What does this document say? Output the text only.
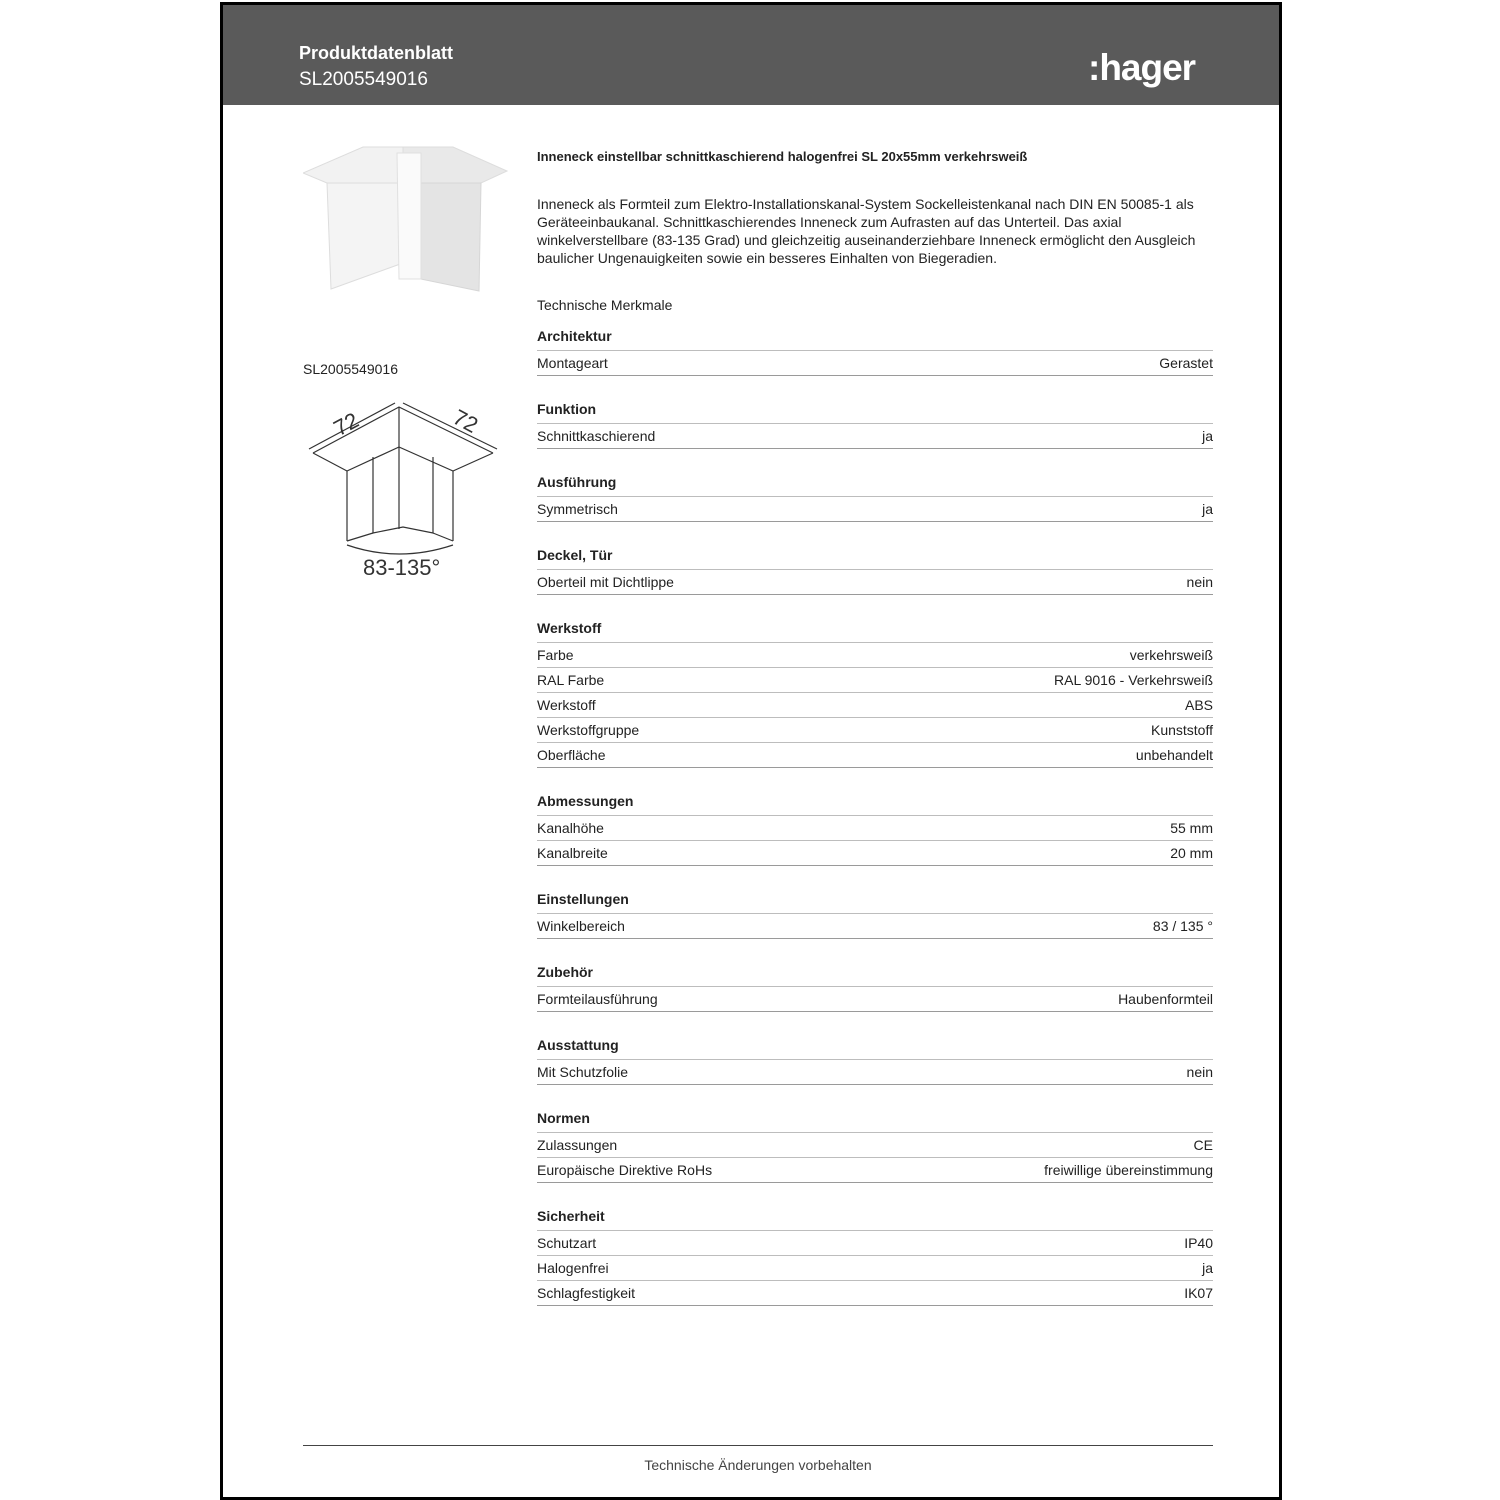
Produktdatenblatt
SL2005549016	:hager
SL2005549016
72	72
83-135°
Inneneck einstellbar schnittkaschierend halogenfrei SL 20x55mm verkehrsweiß
Inneneck als Formteil zum Elektro-Installationskanal-System Sockelleistenkanal nach DIN EN 50085-1 als Geräteeinbaukanal. Schnittkaschierendes Inneneck zum Aufrasten auf das Unterteil. Das axial winkelverstellbare (83-135 Grad) und gleichzeitig auseinanderziehbare Inneneck ermöglicht den Ausgleich baulicher Ungenauigkeiten sowie ein besseres Einhalten von Biegeradien.
Technische Merkmale
Architektur
Montageart	Gerastet
Funktion
Schnittkaschierend	ja
Ausführung
Symmetrisch	ja
Deckel, Tür
Oberteil mit Dichtlippe	nein
Werkstoff
Farbe	verkehrsweiß
RAL Farbe	RAL 9016 - Verkehrsweiß
Werkstoff	ABS
Werkstoffgruppe	Kunststoff
Oberfläche	unbehandelt
Abmessungen
Kanalhöhe	55 mm
Kanalbreite	20 mm
Einstellungen
Winkelbereich	83 / 135 °
Zubehör
Formteilausführung	Haubenformteil
Ausstattung
Mit Schutzfolie	nein
Normen
Zulassungen	CE
Europäische Direktive RoHs	freiwillige übereinstimmung
Sicherheit
Schutzart	IP40
Halogenfrei	ja
Schlagfestigkeit	IK07
Technische Änderungen vorbehalten
